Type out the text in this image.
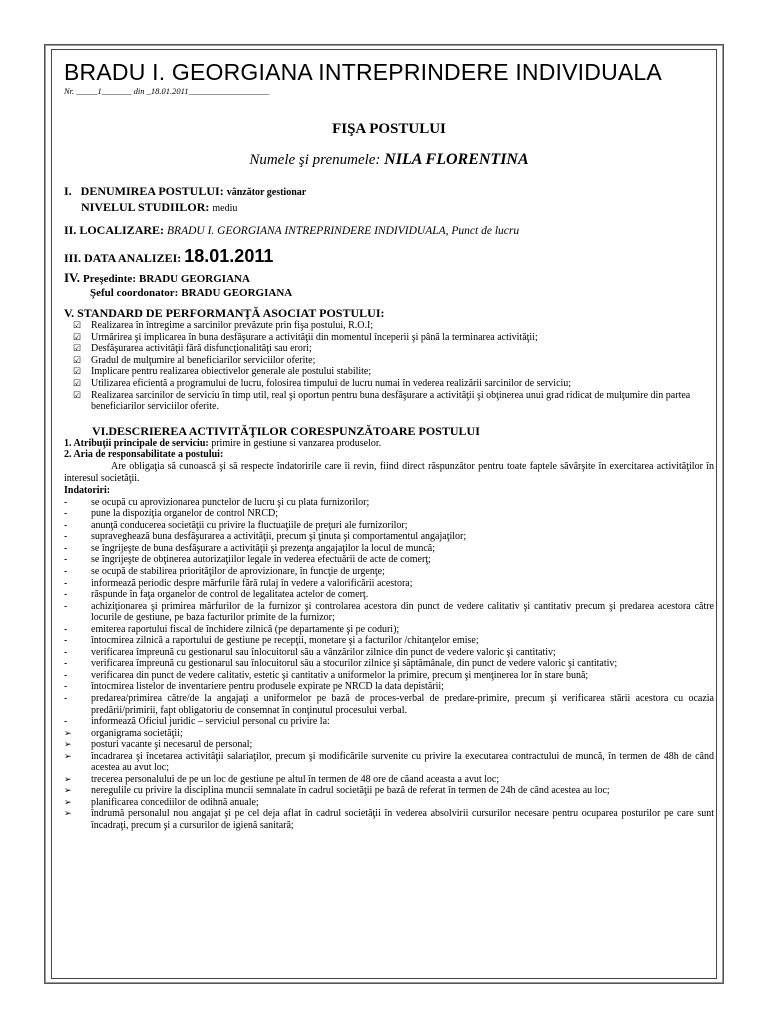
BRADU I. GEORGIANA INTREPRINDERE INDIVIDUALA

Nr. _____1_______ din _18.01.2011___________________

FIŞA POSTULUI

Numele şi prenumele: NILA FLORENTINA

I. DENUMIREA POSTULUI: vânzător gestionar

NIVELUL STUDIILOR: mediu

II. LOCALIZARE: BRADU I. GEORGIANA INTREPRINDERE INDIVIDUALA, Punct de lucru

III. DATA ANALIZEI: 18.01.2011

IV. Preşedinte: BRADU GEORGIANA

Şeful coordonator: BRADU GEORGIANA

V. STANDARD DE PERFORMANŢĂ ASOCIAT POSTULUI:

☑ Realizarea în întregime a sarcinilor prevăzute prin fişa postului, R.O.I;
☑ Urmărirea şi implicarea în buna desfăşurare a activităţii din momentul începerii şi până la terminarea activităţii;
☑ Desfăşurarea activităţii fără disfuncţionalităţi sau erori;
☑ Gradul de mulţumire al beneficiarilor serviciilor oferite;
☑ Implicare pentru realizarea obiectivelor generale ale postului stabilite;
☑ Utilizarea eficientă a programului de lucru, folosirea timpului de lucru numai în vederea realizării sarcinilor de serviciu;
☑ Realizarea sarcinilor de serviciu în timp util, real şi oportun pentru buna desfăşurare a activităţii şi obţinerea unui grad ridicat de mulţumire din partea beneficiarilor serviciilor oferite.

VI.DESCRIEREA ACTIVITĂŢILOR CORESPUNZĂTOARE POSTULUI

1. Atribuţii principale de serviciu: primire in gestiune si vanzarea produselor.

2. Aria de responsabilitate a postului:

Are obligaţia să cunoască şi să respecte îndatoririle care îi revin, fiind direct răspunzător pentru toate faptele săvârşite în exercitarea activităţilor în interesul societăţii.

Indatoriri:

- se ocupă cu aprovizionarea punctelor de lucru şi cu plata furnizorilor;
- pune la dispoziţia organelor de control NRCD;
- anunţă conducerea societăţii cu privire la fluctuaţiile de preţuri ale furnizorilor;
- supraveghează buna desfăşurarea a activităţii, precum şi ţinuta şi comportamentul angajaţilor;
- se îngrijeşte de buna desfăşurare a activităţii şi prezenţa angajaţilor la locul de muncă;
- se îngrijeşte de obţinerea autorizaţiilor legale în vederea efectuării de acte de comerţ;
- se ocupă de stabilirea priorităţilor de aprovizionare, în funcţie de urgenţe;
- informează periodic despre mărfurile fără rulaj în vedere a valorificării acestora;
- răspunde în faţa organelor de control de legalitatea actelor de comerţ.
- achiziţionarea şi primirea mărfurilor de la furnizor şi controlarea acestora din punct de vedere calitativ şi cantitativ precum şi predarea acestora către locurile de gestiune, pe baza facturilor primite de la furnizor;
- emiterea raportului fiscal de închidere zilnică (pe departamente şi pe coduri);
- întocmirea zilnică a raportului de gestiune pe recepţii, monetare şi a facturilor /chitanţelor emise;
- verificarea împreună cu gestionarul sau înlocuitorul său a vânzărilor zilnice din punct de vedere valoric şi cantitativ;
- verificarea împreună cu gestionarul sau înlocuitorul său a stocurilor zilnice şi săptămânale, din punct de vedere valoric şi cantitativ;
- verificarea din punct de vedere calitativ, estetic şi cantitativ a uniformelor la primire, precum şi menţinerea lor în stare bună;
- întocmirea listelor de inventariere pentru produsele expirate pe NRCD la data depistării;
- predarea/primirea către/de la angajaţi a uniformelor pe bază de proces-verbal de predare-primire, precum şi verificarea stării acestora cu ocazia predării/primirii, fapt obligatoriu de consemnat în conţinutul procesului verbal.
- informează Oficiul juridic – serviciul personal cu privire la:
➢ organigrama societăţii;
➢ posturi vacante şi necesarul de personal;
➢ încadrarea şi încetarea activităţii salariaţilor, precum şi modificările survenite cu privire la executarea contractului de muncă, în termen de 48h de când acestea au avut loc;
➢ trecerea personalului de pe un loc de gestiune pe altul în termen de 48 ore de căand aceasta a avut loc;
➢ neregulile cu privire la disciplina muncii semnalate în cadrul societăţii pe bază de referat în termen de 24h de când acestea au loc;
➢ planificarea concediilor de odihnă anuale;
➢ îndrumă personalul nou angajat şi pe cel deja aflat în cadrul societăţii în vederea absolvirii cursurilor necesare pentru ocuparea posturilor pe care sunt încadraţi, precum şi a cursurilor de igienă sanitară;
